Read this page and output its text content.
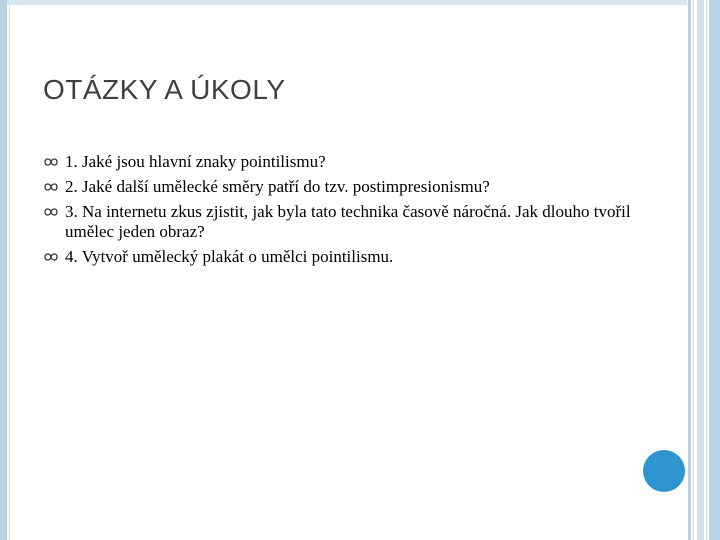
OTÁZKY A ÚKOLY
1. Jaké jsou hlavní znaky pointilismu?
2. Jaké další umělecké směry patří do tzv. postimpresionismu?
3. Na internetu zkus zjistit, jak byla tato technika časově náročná. Jak dlouho tvořil umělec jeden obraz?
4. Vytvoř umělecký plakát o umělci pointilismu.
